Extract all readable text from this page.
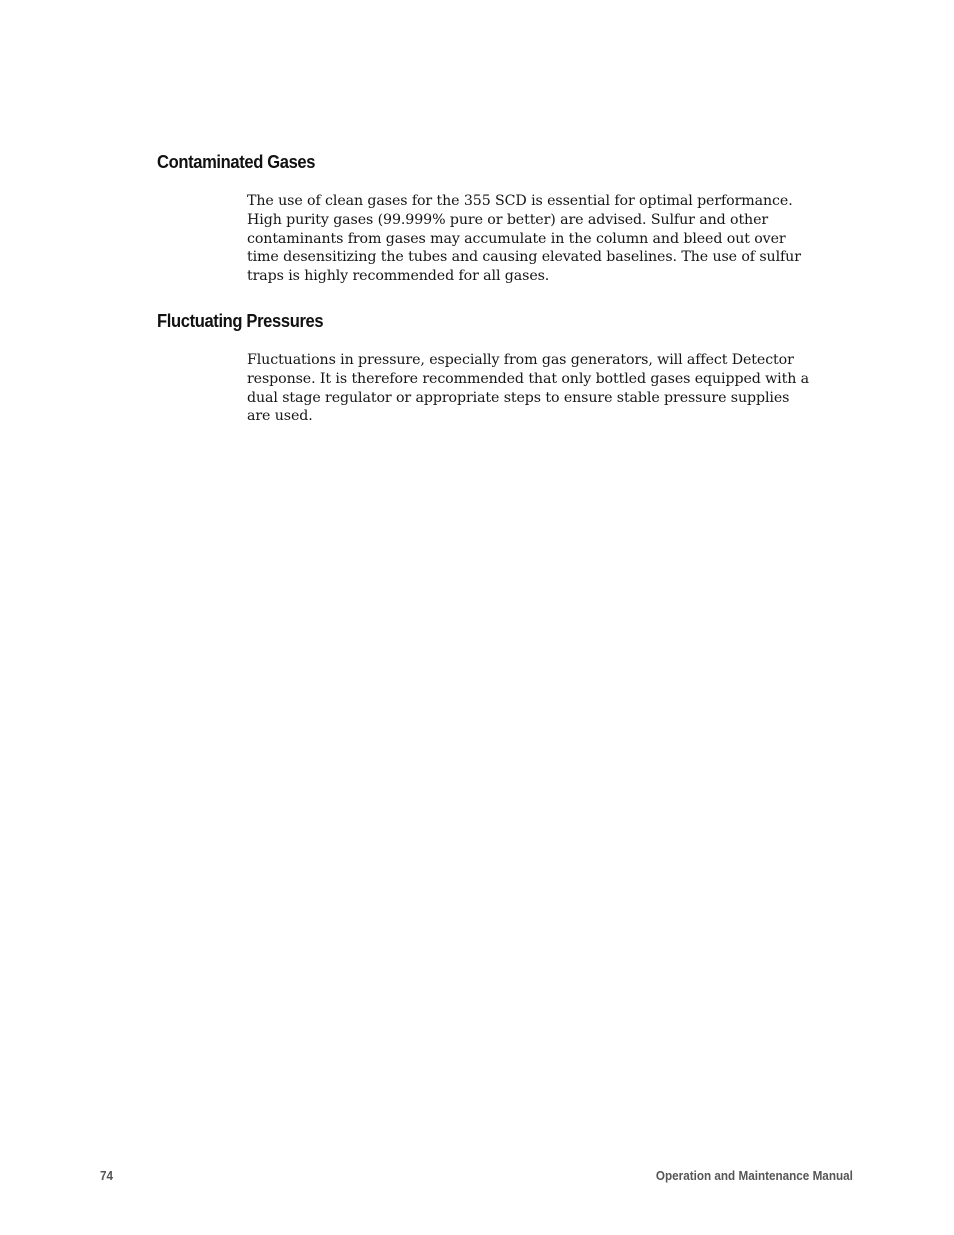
Contaminated Gases

The use of clean gases for the 355 SCD is essential for optimal performance.
High purity gases (99.999% pure or better) are advised. Sulfur and other
contaminants from gases may accumulate in the column and bleed out over
time desensitizing the tubes and causing elevated baselines. The use of sulfur
traps is highly recommended for all gases.

Fluctuating Pressures

Fluctuations in pressure, especially from gas generators, will affect Detector
response. It is therefore recommended that only bottled gases equipped with a
dual stage regulator or appropriate steps to ensure stable pressure supplies
are used.

74	Operation and Maintenance Manual
